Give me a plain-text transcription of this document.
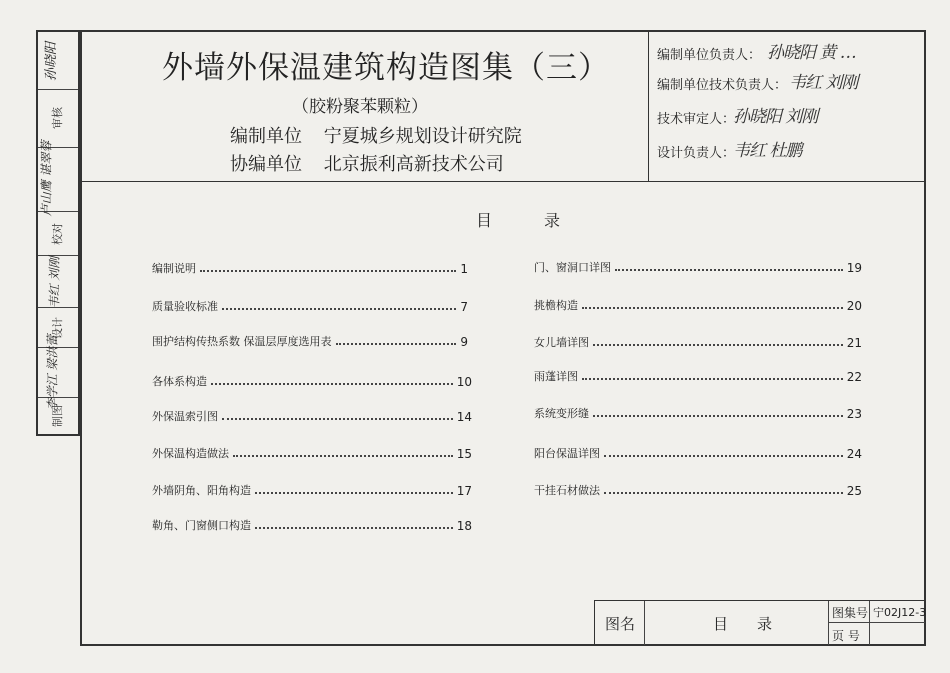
孙晓阳
审核
卢山鹰 谌翠蓉
校对
韦红 刘刚
设计
李学江 梁洪蕾
制图
外墙外保温建筑构造图集（三）
（胶粉聚苯颗粒）
编制单位 宁夏城乡规划设计研究院
协编单位 北京振利高新技术公司
编制单位负责人： 孙晓阳 黄 …
编制单位技术负责人： 韦红 刘刚
技术审定人：
孙晓阳 刘刚
设计负责人：
韦红 杜鹏
目	录
编制说明	1
质量验收标准	7
围护结构传热系数 保温层厚度选用表	9
各体系构造	10
外保温索引图	14
外保温构造做法	15
外墙阴角、阳角构造	17
勒角、门窗侧口构造	18
门、窗洞口详图	19
挑檐构造	20
女儿墙详图	21
雨蓬详图	22
系统变形缝	23
阳台保温详图	24
干挂石材做法	25
图名	目 录
图集号 宁02J12-3
页 号
